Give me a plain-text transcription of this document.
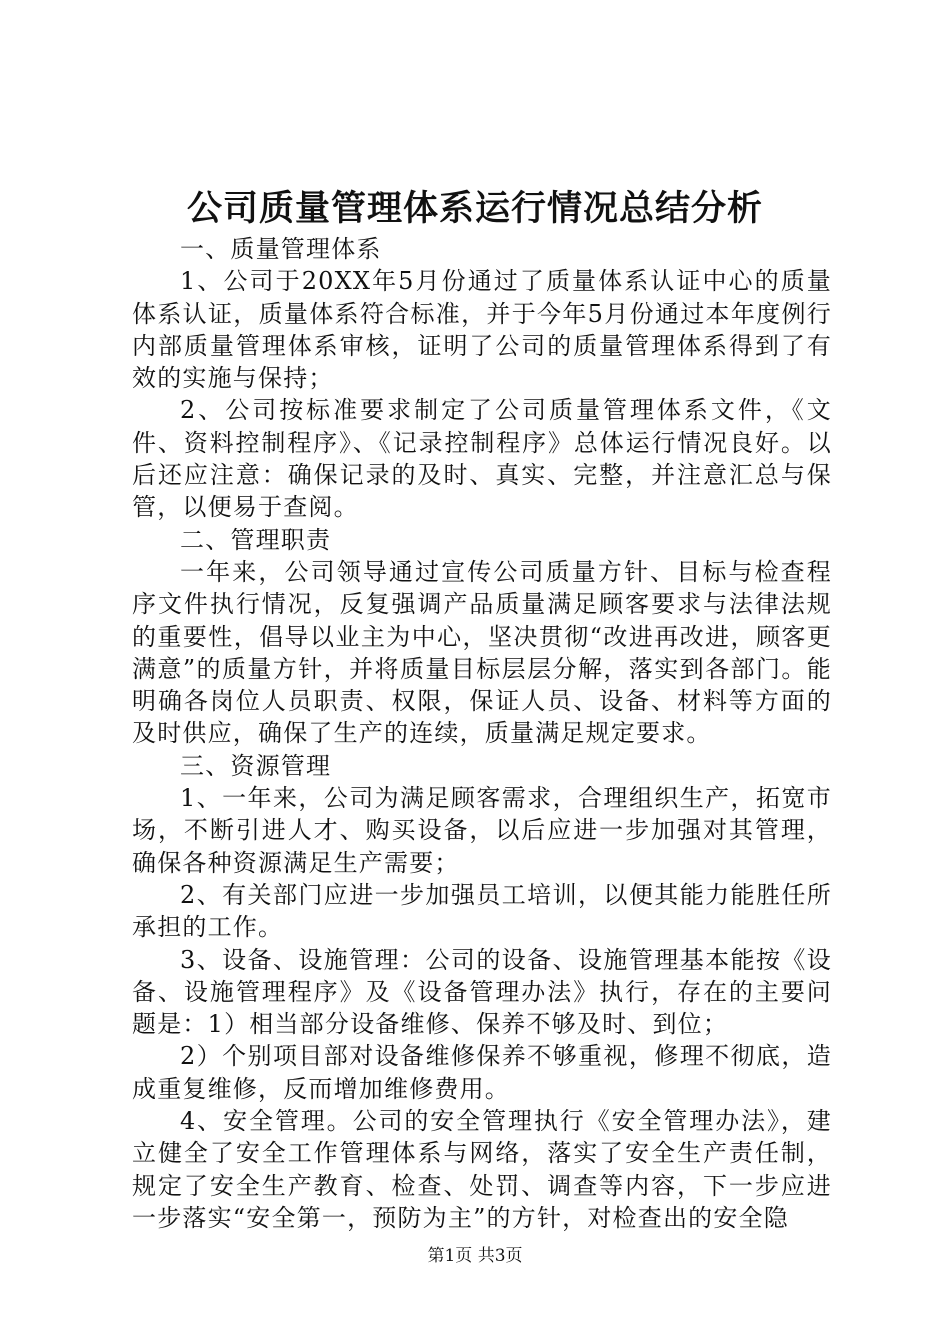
公司质量管理体系运行情况总结分析

一、质量管理体系

1、公司于20XX年5月份通过了质量体系认证中心的质量体系认证，质量体系符合标准，并于今年5月份通过本年度例行内部质量管理体系审核，证明了公司的质量管理体系得到了有效的实施与保持；

2、公司按标准要求制定了公司质量管理体系文件，《文件、资料控制程序》、《记录控制程序》总体运行情况良好。以后还应注意：确保记录的及时、真实、完整，并注意汇总与保管，以便易于查阅。

二、管理职责

一年来，公司领导通过宣传公司质量方针、目标与检查程序文件执行情况，反复强调产品质量满足顾客要求与法律法规的重要性，倡导以业主为中心，坚决贯彻“改进再改进，顾客更满意”的质量方针，并将质量目标层层分解，落实到各部门。能明确各岗位人员职责、权限，保证人员、设备、材料等方面的及时供应，确保了生产的连续，质量满足规定要求。

三、资源管理

1、一年来，公司为满足顾客需求，合理组织生产，拓宽市场，不断引进人才、购买设备，以后应进一步加强对其管理，确保各种资源满足生产需要；

2、有关部门应进一步加强员工培训，以便其能力能胜任所承担的工作。

3、设备、设施管理：公司的设备、设施管理基本能按《设备、设施管理程序》及《设备管理办法》执行，存在的主要问题是：1）相当部分设备维修、保养不够及时、到位；

2）个别项目部对设备维修保养不够重视，修理不彻底，造成重复维修，反而增加维修费用。

4、安全管理。公司的安全管理执行《安全管理办法》，建立健全了安全工作管理体系与网络，落实了安全生产责任制，规定了安全生产教育、检查、处罚、调查等内容，下一步应进一步落实“安全第一，预防为主”的方针，对检查出的安全隐

第1页 共3页
